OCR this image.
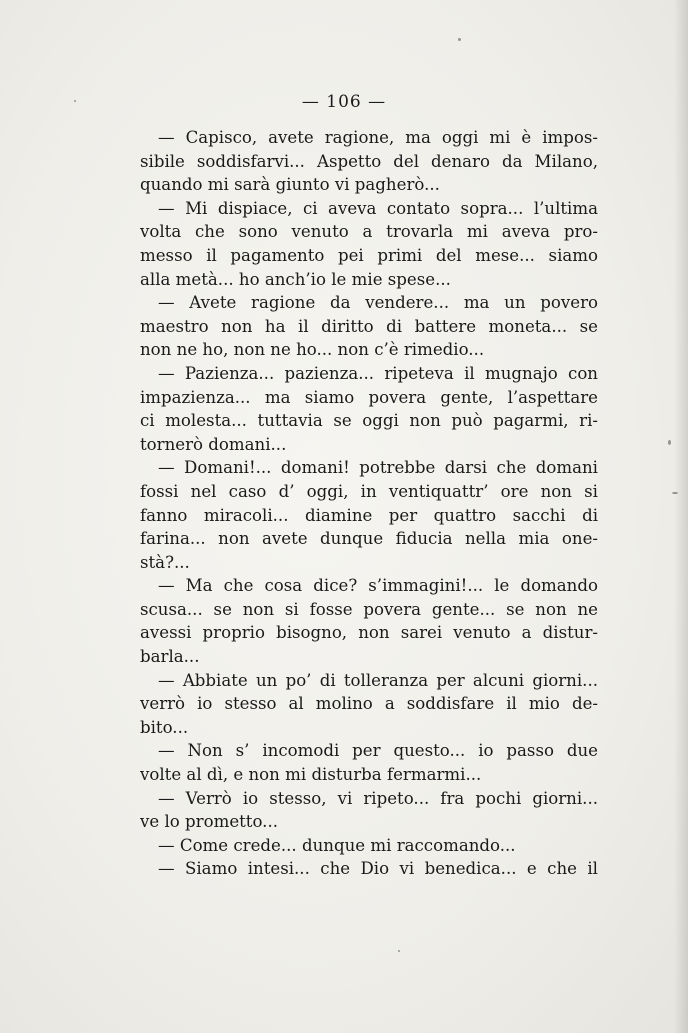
— 106 —
— Capisco, avete ragione, ma oggi mi è impos-
sibile soddisfarvi... Aspetto del denaro da Milano,
quando mi sarà giunto vi pagherò...
— Mi dispiace, ci aveva contato sopra... l’ultima
volta che sono venuto a trovarla mi aveva pro-
messo il pagamento pei primi del mese... siamo
alla metà... ho anch’io le mie spese...
— Avete ragione da vendere... ma un povero
maestro non ha il diritto di battere moneta... se
non ne ho, non ne ho... non c’è rimedio...
— Pazienza... pazienza... ripeteva il mugnajo con
impazienza... ma siamo povera gente, l’aspettare
ci molesta... tuttavia se oggi non può pagarmi, ri-
tornerò domani...
— Domani!... domani! potrebbe darsi che domani
fossi nel caso d’ oggi, in ventiquattr’ ore non si
fanno miracoli... diamine per quattro sacchi di
farina... non avete dunque fiducia nella mia one-
stà?...
— Ma che cosa dice? s’immagini!... le domando
scusa... se non si fosse povera gente... se non ne
avessi proprio bisogno, non sarei venuto a distur-
barla...
— Abbiate un po’ di tolleranza per alcuni giorni...
verrò io stesso al molino a soddisfare il mio de-
bito...
— Non s’ incomodi per questo... io passo due
volte al dì, e non mi disturba fermarmi...
— Verrò io stesso, vi ripeto... fra pochi giorni...
ve lo prometto...
— Come crede... dunque mi raccomando...
— Siamo intesi... che Dio vi benedica... e che il
